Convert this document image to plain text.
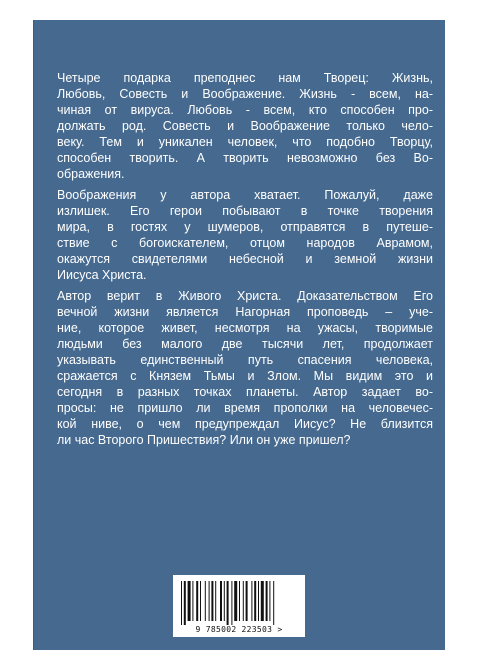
Четыре подарка преподнес нам Творец: Жизнь,
Любовь, Совесть и Воображение. Жизнь - всем, на-
чиная от вируса. Любовь - всем, кто способен про-
должать род. Совесть и Воображение только чело-
веку. Тем и уникален человек, что подобно Творцу,
способен творить. А творить невозможно без Во-
ображения.
Воображения у автора хватает. Пожалуй, даже
излишек. Его герои побывают в точке творения
мира, в гостях у шумеров, отправятся в путеше-
ствие с богоискателем, отцом народов Аврамом,
окажутся свидетелями небесной и земной жизни
Иисуса Христа.
Автор верит в Живого Христа. Доказательством Его
вечной жизни является Нагорная проповедь – уче-
ние, которое живет, несмотря на ужасы, творимые
людьми без малого две тысячи лет, продолжает
указывать единственный путь спасения человека,
сражается с Князем Тьмы и Злом. Мы видим это и
сегодня в разных точках планеты. Автор задает во-
просы: не пришло ли время прополки на человечес-
кой ниве, о чем предупреждал Иисус? Не близится
ли час Второго Пришествия? Или он уже пришел?
9 785002 223503 >
